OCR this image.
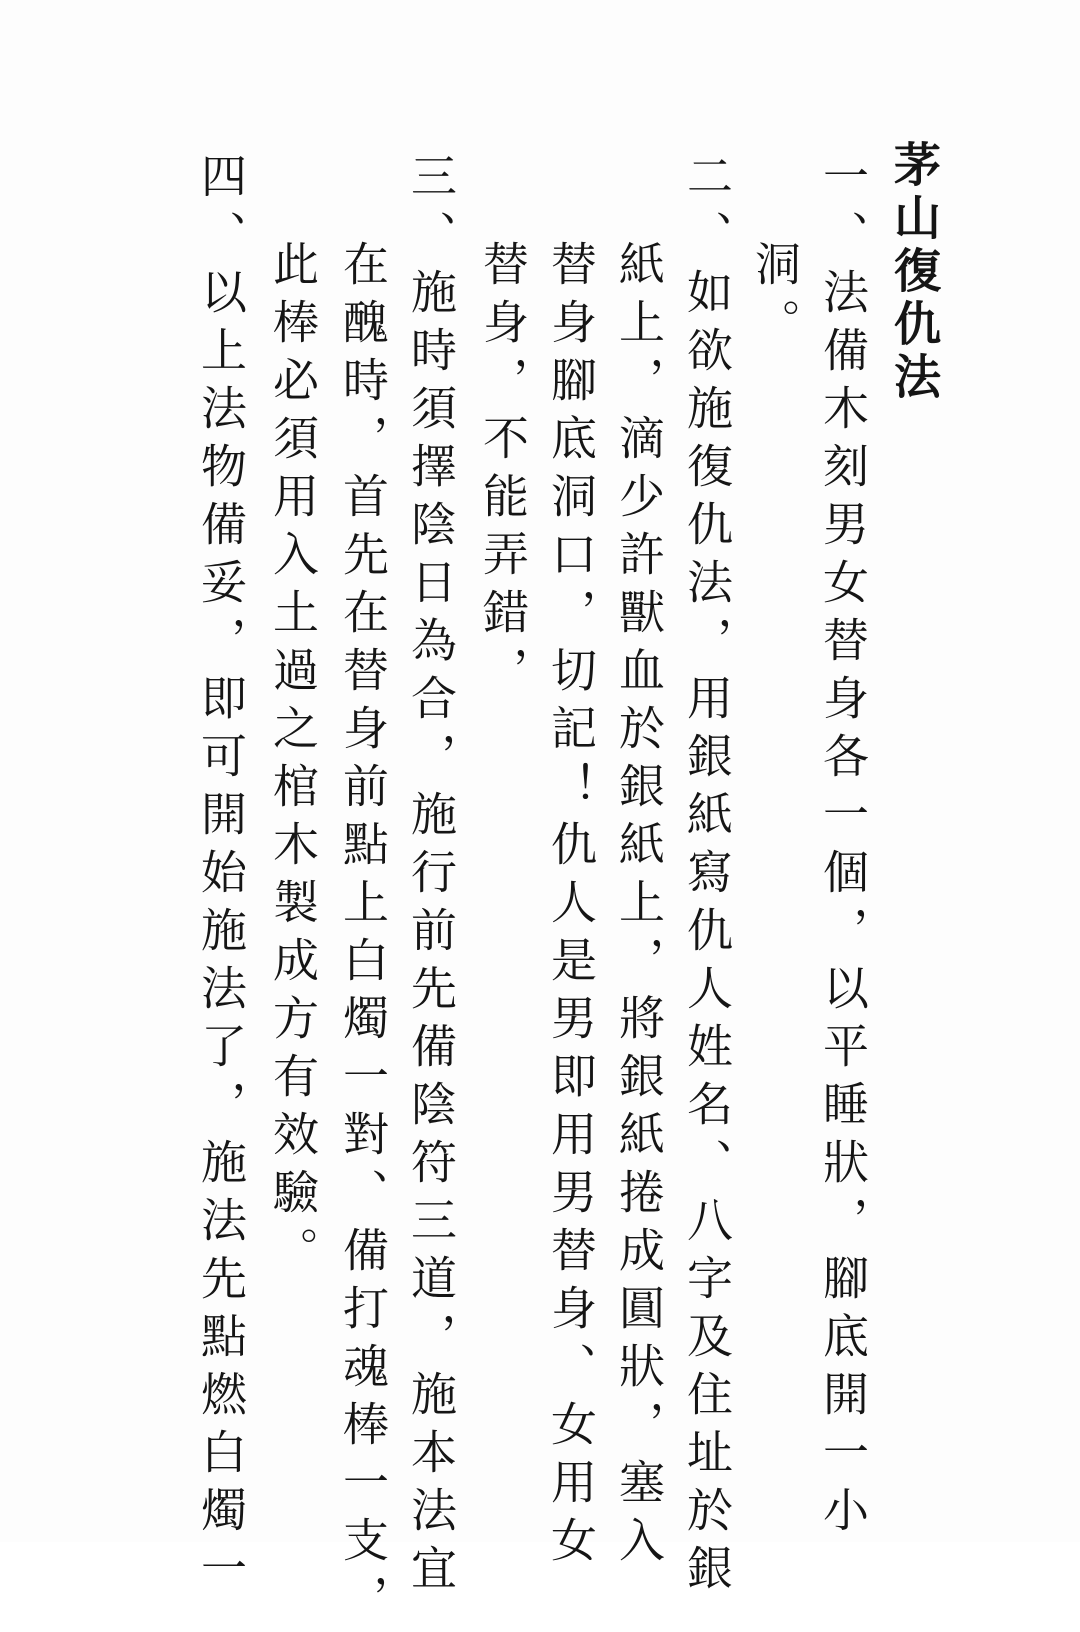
茅山復仇法
一、
法備木刻男女替身各一個，以平睡狀，腳底開一小
洞。
二、
如欲施復仇法，用銀紙寫仇人姓名、八字及住址於銀
紙上，滴少許獸血於銀紙上，將銀紙捲成圓狀，塞入
替身腳底洞口，切記！仇人是男即用男替身、女用女
替身，不能弄錯，
三、
施時須擇陰日為合，施行前先備陰符三道，施本法宜
在醜時，首先在替身前點上白燭一對、備打魂棒一支，
此棒必須用入土過之棺木製成方有效驗。
四、
以上法物備妥，即可開始施法了，施法先點燃白燭一
